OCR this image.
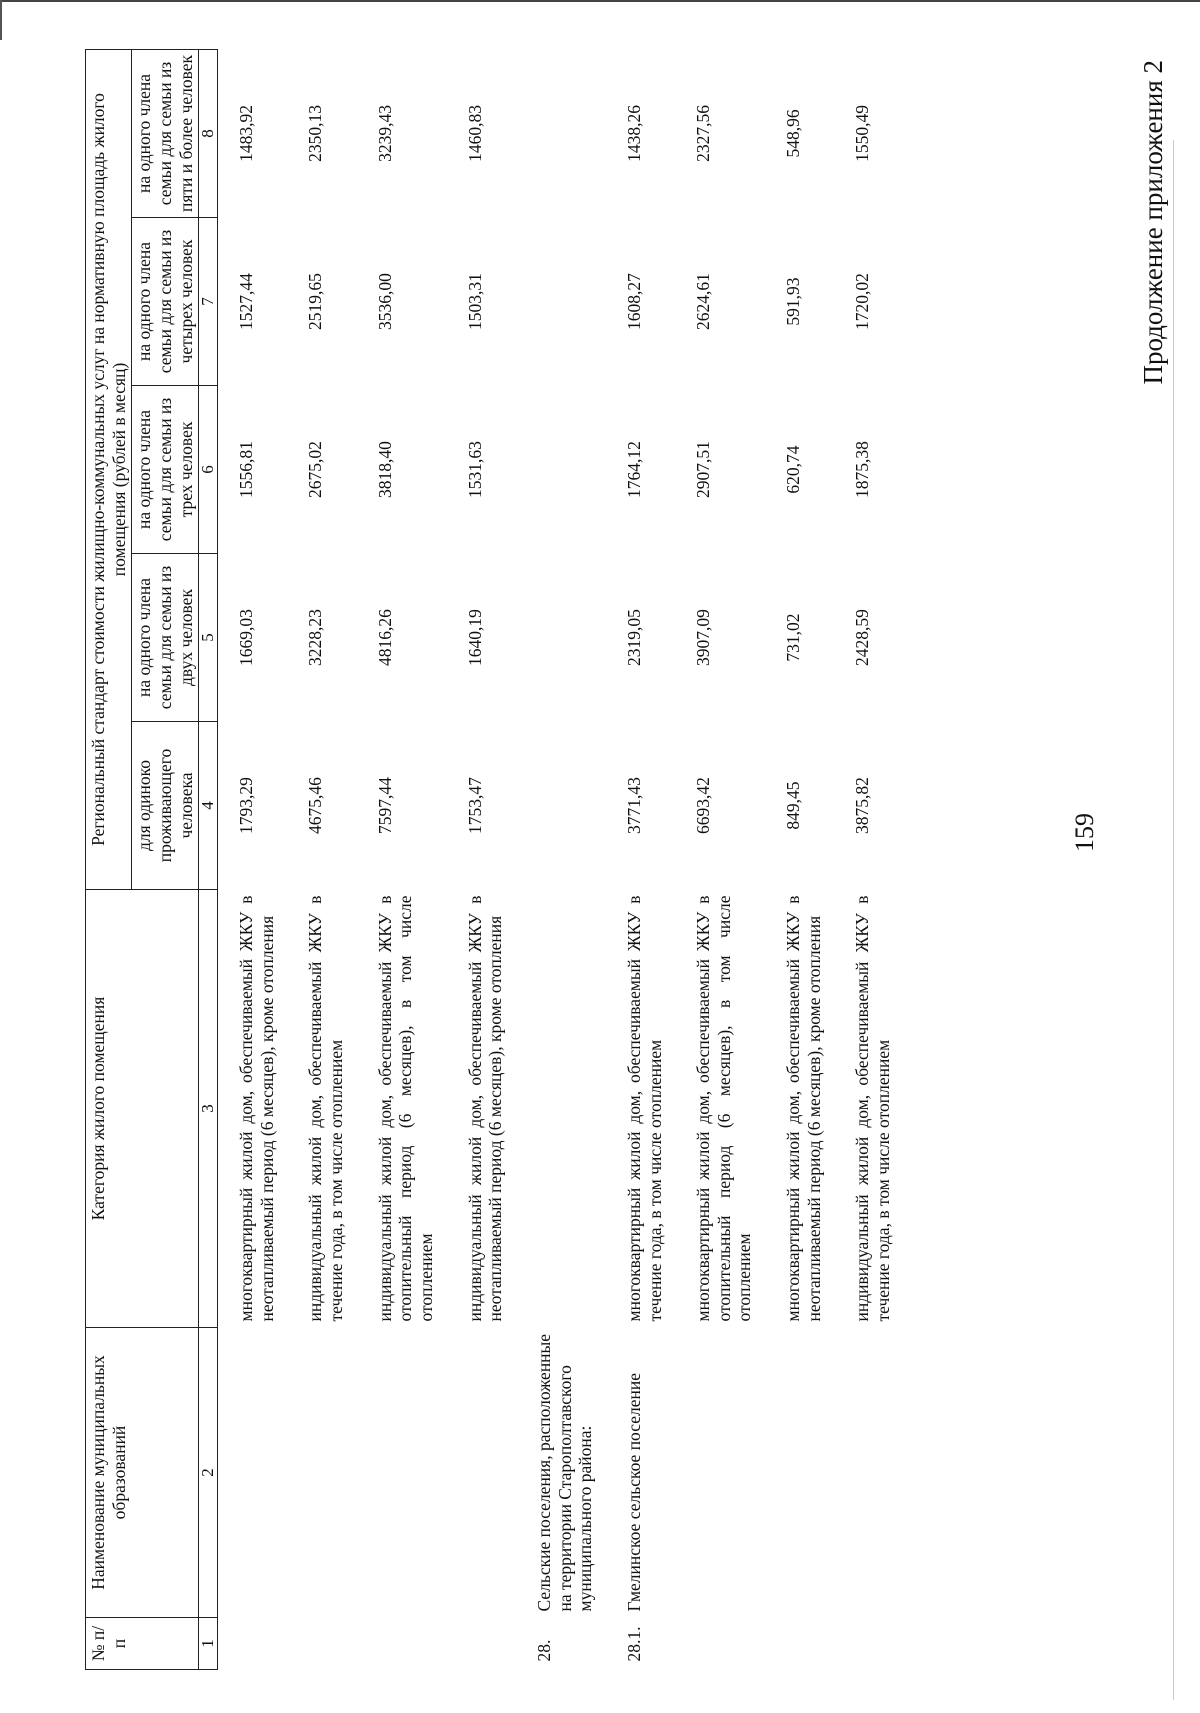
159
Продолжение приложения 2
№ п/п	Наименование муниципальных образований	Категория жилого помещения	Региональный стандарт стоимости жилищно-коммунальных услуг на нормативную площадь жилого помещения (рублей в месяц)				
			для одиноко проживающего человека	на одного члена семьи для семьи из двух человек	на одного члена семьи для семьи из трех человек	на одного члена семьи для семьи из четырех человек	на одного члена семьи для семьи из пяти и более человек
1	2	3	4	5	6	7	8
		многоквартирный жилой дом, обеспечиваемый ЖКУ в неотапливаемый период (6 месяцев), кроме отопления	1793,29	1669,03	1556,81	1527,44	1483,92
		индивидуальный жилой дом, обеспечиваемый ЖКУ в течение года, в том числе отоплением	4675,46	3228,23	2675,02	2519,65	2350,13
		индивидуальный жилой дом, обеспечиваемый ЖКУ в отопительный период (6 месяцев), в том числе отоплением	7597,44	4816,26	3818,40	3536,00	3239,43
		индивидуальный жилой дом, обеспечиваемый ЖКУ в неотапливаемый период (6 месяцев), кроме отопления	1753,47	1640,19	1531,63	1503,31	1460,83
28.	Сельские поселения, расположенные на территории Старополтавского муниципального района:						
28.1.	Гмелинское сельское поселение	многоквартирный жилой дом, обеспечиваемый ЖКУ в течение года, в том числе отоплением	3771,43	2319,05	1764,12	1608,27	1438,26
		многоквартирный жилой дом, обеспечиваемый ЖКУ в отопительный период (6 месяцев), в том числе отоплением	6693,42	3907,09	2907,51	2624,61	2327,56
		многоквартирный жилой дом, обеспечиваемый ЖКУ в неотапливаемый период (6 месяцев), кроме отопления	849,45	731,02	620,74	591,93	548,96
		индивидуальный жилой дом, обеспечиваемый ЖКУ в течение года, в том числе отоплением	3875,82	2428,59	1875,38	1720,02	1550,49
